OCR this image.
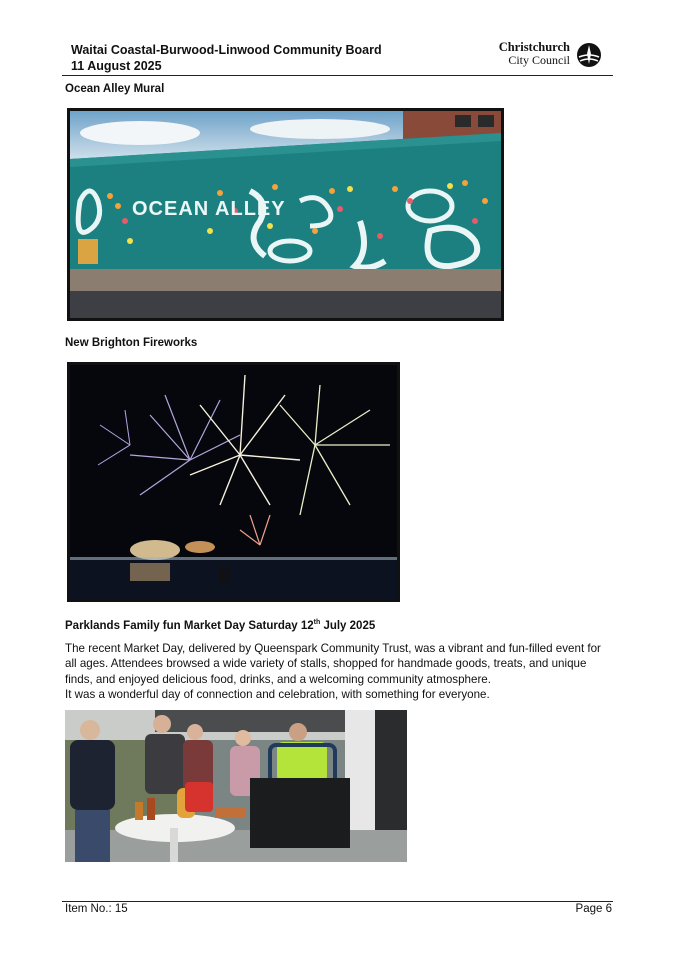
Waitai Coastal-Burwood-Linwood Community Board
11 August 2025
Christchurch
City Council
Ocean Alley Mural
OCEAN ALLEY
New Brighton Fireworks
Parklands Family fun Market Day Saturday 12th July 2025

The recent Market Day, delivered by Queenspark Community Trust, was a vibrant and fun-filled event for all ages. Attendees browsed a wide variety of stalls, shopped for handmade goods, treats, and unique finds, and enjoyed delicious food, drinks, and a welcoming community atmosphere.

It was a wonderful day of connection and celebration, with something for everyone.

Item No.: 15	Page 6
